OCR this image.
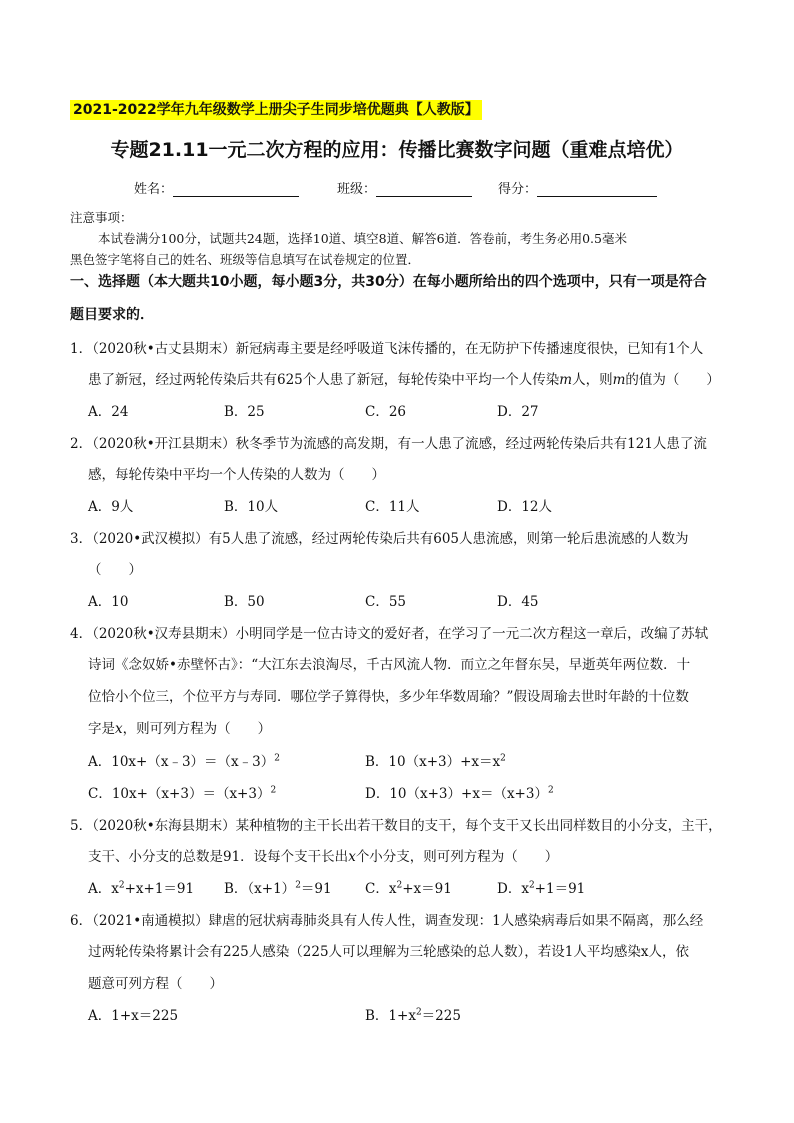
2021-2022学年九年级数学上册尖子生同步培优题典【人教版】
专题21.11一元二次方程的应用：传播比赛数字问题（重难点培优）
姓名：	班级：	得分：
注意事项：
本试卷满分100分，试题共24题，选择10道、填空8道、解答6道．答卷前，考生务必用0.5毫米
黑色签字笔将自己的姓名、班级等信息填写在试卷规定的位置．
一、选择题（本大题共10小题，每小题3分，共30分）在每小题所给出的四个选项中，只有一项是符合
题目要求的．
1．（2020秋•古丈县期末）新冠病毒主要是经呼吸道飞沫传播的，在无防护下传播速度很快，已知有1个人
患了新冠，经过两轮传染后共有625个人患了新冠，每轮传染中平均一个人传染m人，则m的值为（　　）
A．24	B．25	C．26	D．27
2．（2020秋•开江县期末）秋冬季节为流感的高发期，有一人患了流感，经过两轮传染后共有121人患了流
感，每轮传染中平均一个人传染的人数为（　　）
A．9人	B．10人	C．11人	D．12人
3．（2020•武汉模拟）有5人患了流感，经过两轮传染后共有605人患流感，则第一轮后患流感的人数为
（　　）
A．10	B．50	C．55	D．45
4．（2020秋•汉寿县期末）小明同学是一位古诗文的爱好者，在学习了一元二次方程这一章后，改编了苏轼
诗词《念奴娇•赤壁怀古》：“大江东去浪淘尽，千古风流人物．而立之年督东吴，早逝英年两位数．十
位恰小个位三，个位平方与寿同．哪位学子算得快，多少年华数周瑜？”假设周瑜去世时年龄的十位数
字是x，则可列方程为（　　）
A．10x+（x﹣3）＝（x﹣3）$^2$	B．$10(x+3)+x=x^2$
C．$10x+(x+3)=(x+3)^2$	D．$10(x+3)+x=(x+3)^2$
5．（2020秋•东海县期末）某种植物的主干长出若干数目的支干，每个支干又长出同样数目的小分支，主干，
支干、小分支的总数是91．设每个支干长出x个小分支，则可列方程为（　　）
A．$x^2+x+1=91$ B．$(x+1)^2=91$ C．$x^2+x=91$	D．$x^2+1=91$
6．（2021•南通模拟）肆虐的冠状病毒肺炎具有人传人性，调查发现：1人感染病毒后如果不隔离，那么经
过两轮传染将累计会有225人感染（225人可以理解为三轮感染的总人数），若设1人平均感染x人，依
题意可列方程（　　）
A．1+x＝225	B．$1+x^2=225$
